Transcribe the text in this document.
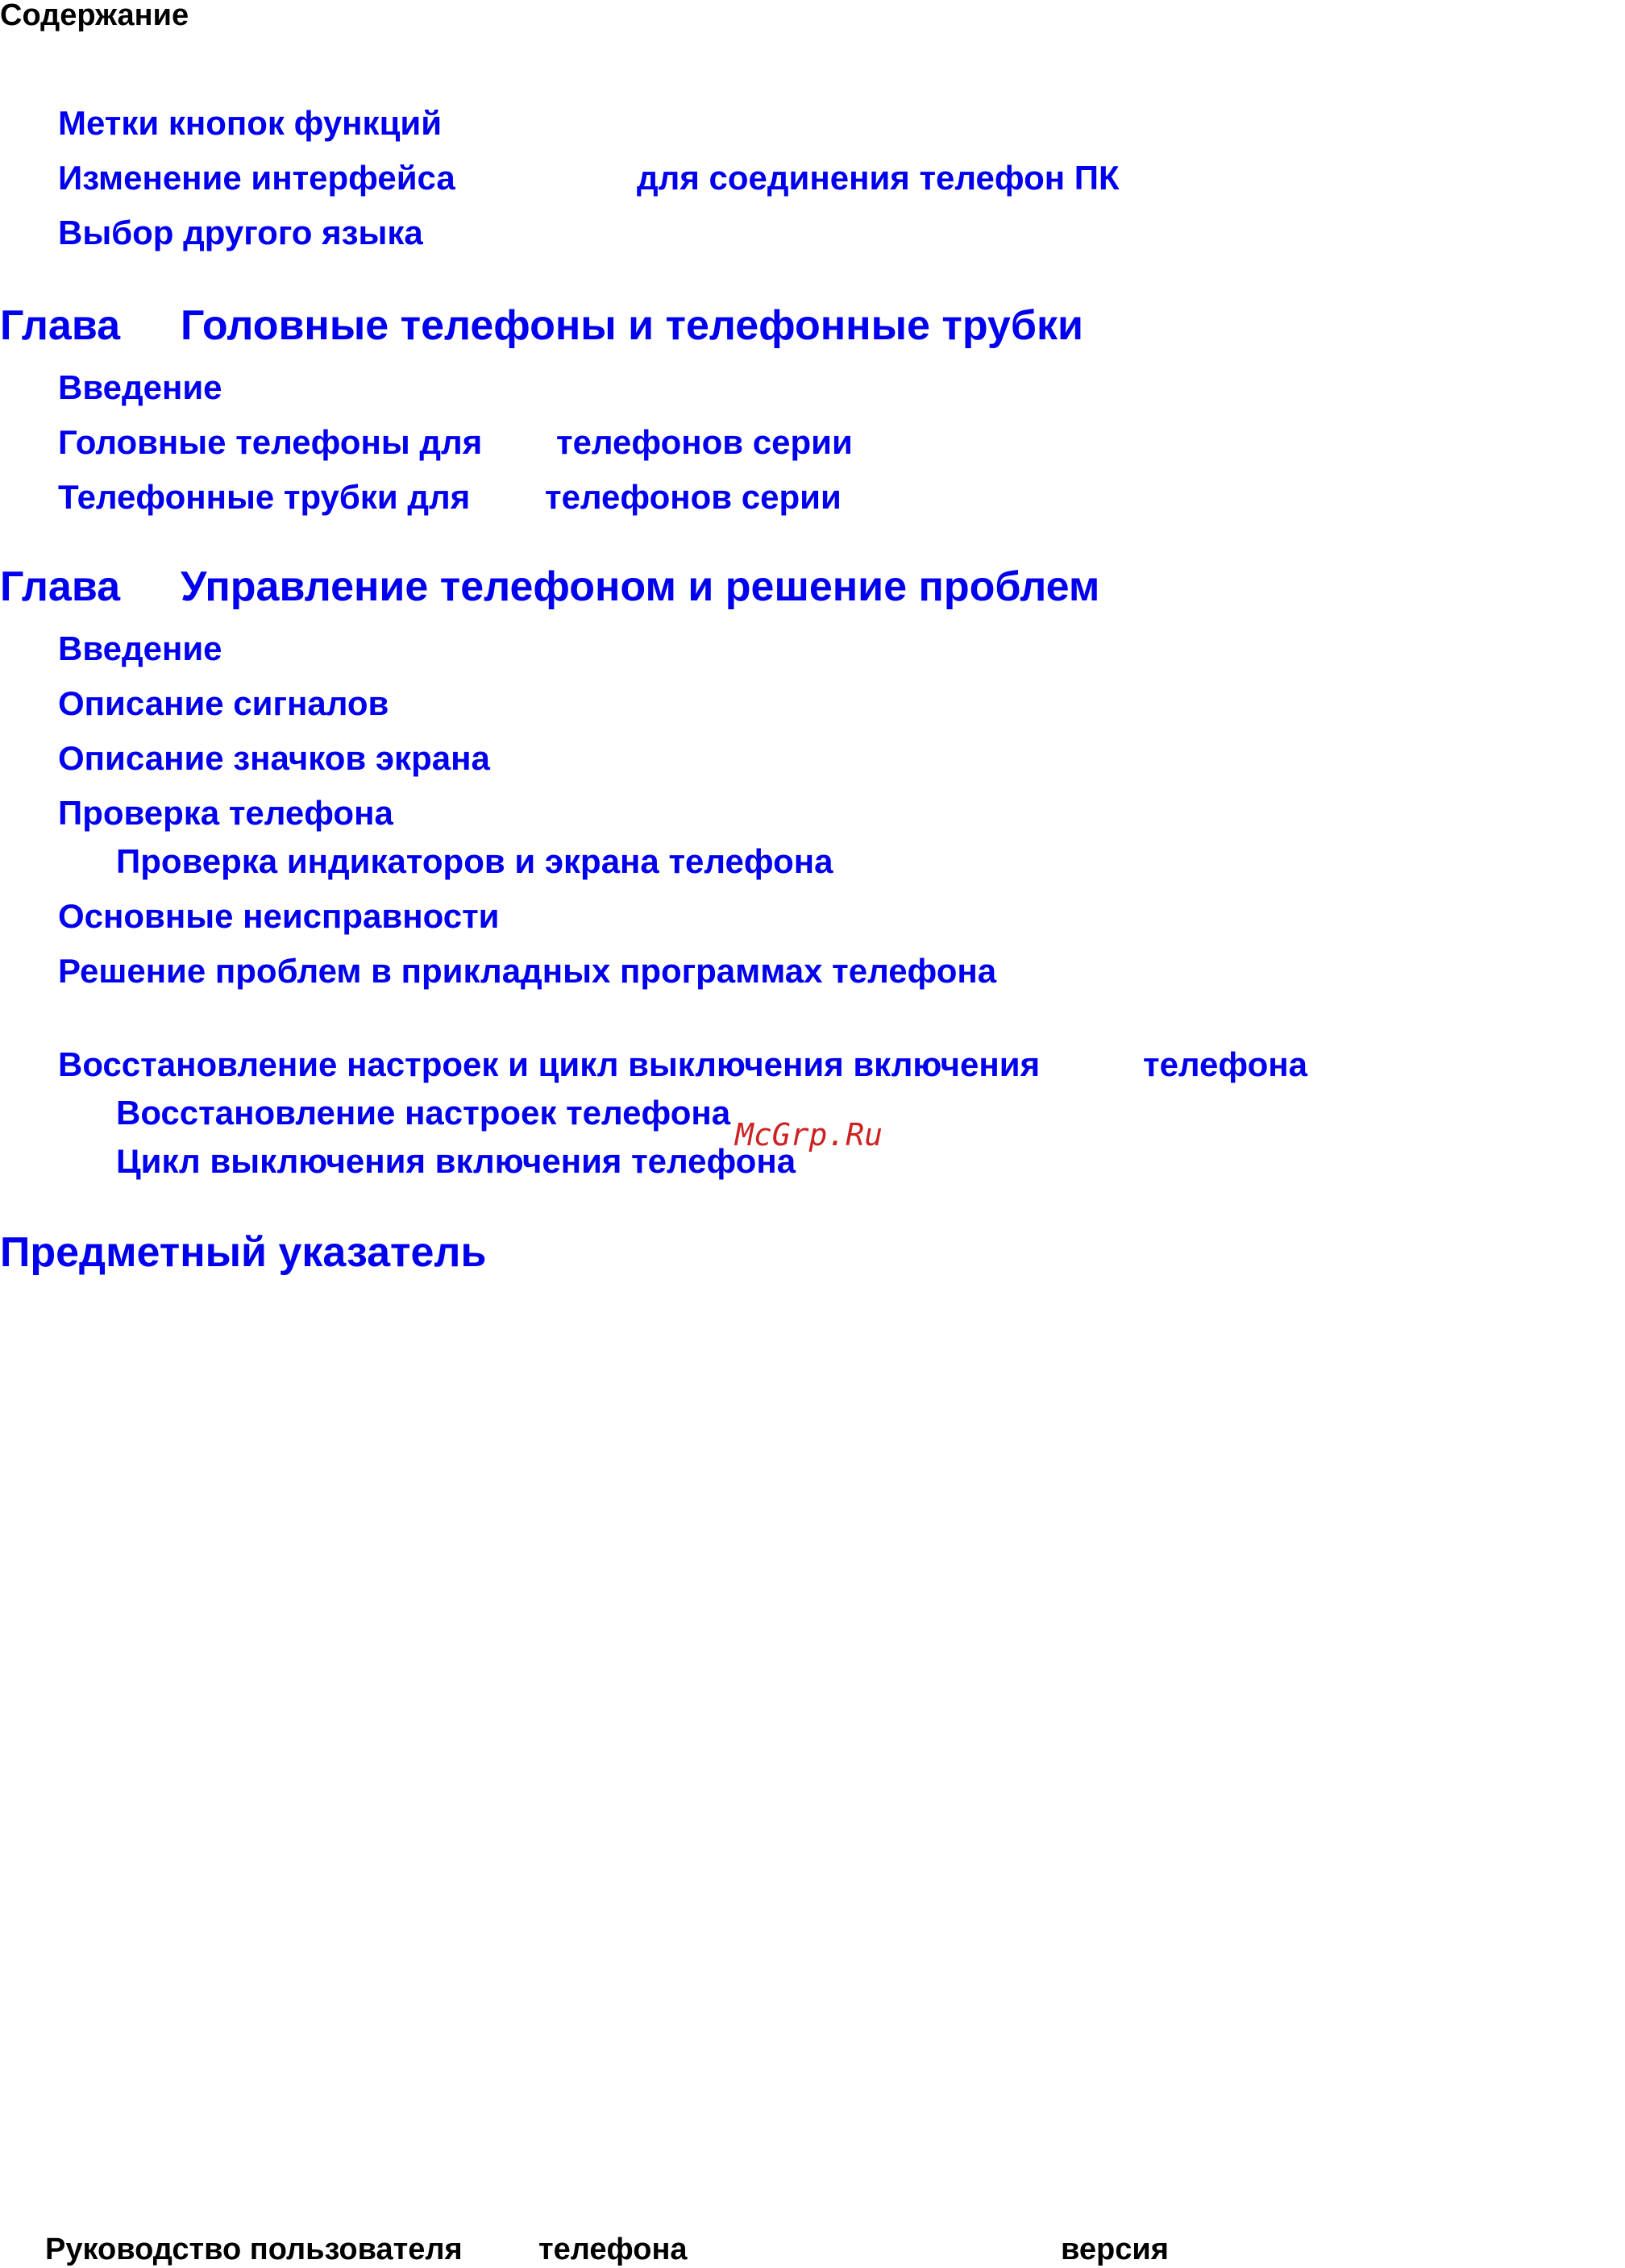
Содержание
Метки кнопок функций
Изменение интерфейса	для соединения телефон ПК
Выбор другого языка
Глава Головные телефоны и телефонные трубки
Введение
Головные телефоны для телефонов серии
Телефонные трубки для телефонов серии
Глава Управление телефоном и решение проблем
Введение
Описание сигналов
Описание значков экрана
Проверка телефона
Проверка индикаторов и экрана телефона
Основные неисправности
Решение проблем в прикладных программах телефона
Восстановление настроек и цикл выключения включения	телефона
Восстановление настроек телефона
Цикл выключения включения телефона
Предметный указатель
McGrp.Ru
Руководство пользователя телефона	версия
